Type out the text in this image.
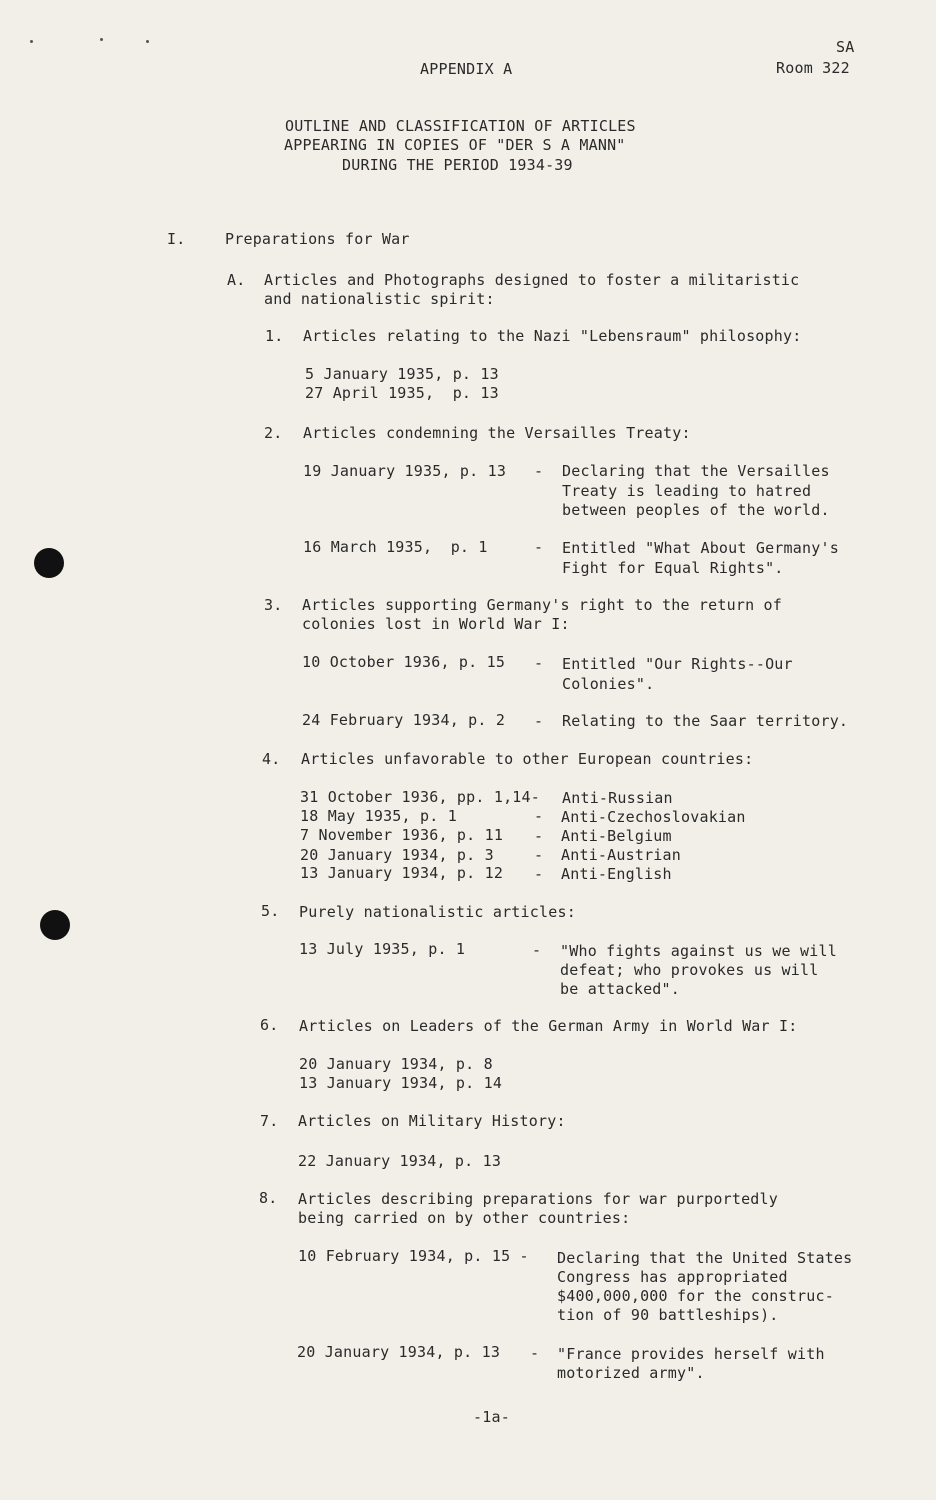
SA
APPENDIX A	Room 322
OUTLINE AND CLASSIFICATION OF ARTICLES
APPEARING IN COPIES OF "DER S A MANN"
DURING THE PERIOD 1934-39
I.	Preparations for War
A. Articles and Photographs designed to foster a militaristic
and nationalistic spirit:
1. Articles relating to the Nazi "Lebensraum" philosophy:
5 January 1935, p. 13
27 April 1935,  p. 13
2. Articles condemning the Versailles Treaty:
19 January 1935, p. 13 - Declaring that the Versailles
Treaty is leading to hatred
between peoples of the world.
16 March 1935,  p. 1	- Entitled "What About Germany's
Fight for Equal Rights".
3. Articles supporting Germany's right to the return of
colonies lost in World War I:
10 October 1936, p. 15 - Entitled "Our Rights--Our
Colonies".
24 February 1934, p. 2 - Relating to the Saar territory.
4. Articles unfavorable to other European countries:
31 October 1936, pp. 1,14- Anti-Russian
18 May 1935, p. 1	- Anti-Czechoslovakian
7 November 1936, p. 11 - Anti-Belgium
20 January 1934, p. 3	- Anti-Austrian
13 January 1934, p. 12 - Anti-English
5. Purely nationalistic articles:
13 July 1935, p. 1	- "Who fights against us we will
defeat; who provokes us will
be attacked".
6. Articles on Leaders of the German Army in World War I:
20 January 1934, p. 8
13 January 1934, p. 14
7. Articles on Military History:
22 January 1934, p. 13
8. Articles describing preparations for war purportedly
being carried on by other countries:
10 February 1934, p. 15 - Declaring that the United States
Congress has appropriated
$400,000,000 for the construc-
tion of 90 battleships).
20 January 1934, p. 13 - "France provides herself with
motorized army".
-1a-
